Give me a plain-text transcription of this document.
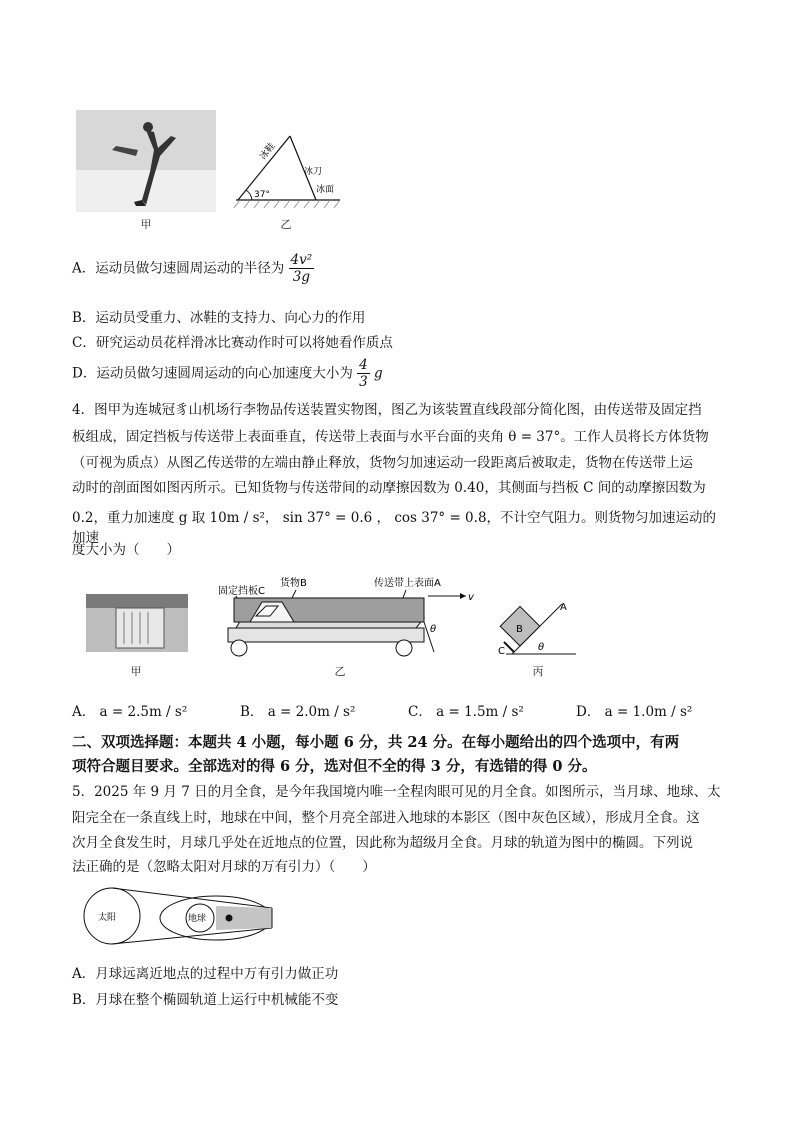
甲
37°
冰鞋
冰刀
冰面
乙
A．运动员做匀速圆周运动的半径为 $\frac{\text{4v²}}{3g}$
B．运动员受重力、冰鞋的支持力、向心力的作用
C．研究运动员花样滑冰比赛动作时可以将她看作质点
D．运动员做匀速圆周运动的向心加速度大小为 $\frac{4}{3}$ g
4．图甲为连城冠豸山机场行李物品传送装置实物图，图乙为该装置直线段部分简化图，由传送带及固定挡
板组成，固定挡板与传送带上表面垂直，传送带上表面与水平台面的夹角 θ = 37°。工作人员将长方体货物
（可视为质点）从图乙传送带的左端由静止释放，货物匀加速运动一段距离后被取走，货物在传送带上运
动时的剖面图如图丙所示。已知货物与传送带间的动摩擦因数为 0.40，其侧面与挡板 C 间的动摩擦因数为
0.2，重力加速度 g 取 10m / s²， sin 37° = 0.6 ， cos 37° = 0.8，不计空气阻力。则货物匀加速运动的加速
度大小为（　　）
甲
固定挡板C
货物B	传送带上表面A
v
θ
乙
B
C
A
θ
丙
A． a = 2.5m / s²	B． a = 2.0m / s²	C． a = 1.5m / s²	D． a = 1.0m / s²
二、双项选择题：本题共 4 小题，每小题 6 分，共 24 分。在每小题给出的四个选项中，有两
项符合题目要求。全部选对的得 6 分，选对但不全的得 3 分，有选错的得 0 分。
5．2025 年 9 月 7 日的月全食，是今年我国境内唯一全程肉眼可见的月全食。如图所示，当月球、地球、太
阳完全在一条直线上时，地球在中间，整个月亮全部进入地球的本影区（图中灰色区域），形成月全食。这
次月全食发生时，月球几乎处在近地点的位置，因此称为超级月全食。月球的轨道为图中的椭圆。下列说
法正确的是（忽略太阳对月球的万有引力）（　　）
太阳	地球
A．月球远离近地点的过程中万有引力做正功
B．月球在整个椭圆轨道上运行中机械能不变
